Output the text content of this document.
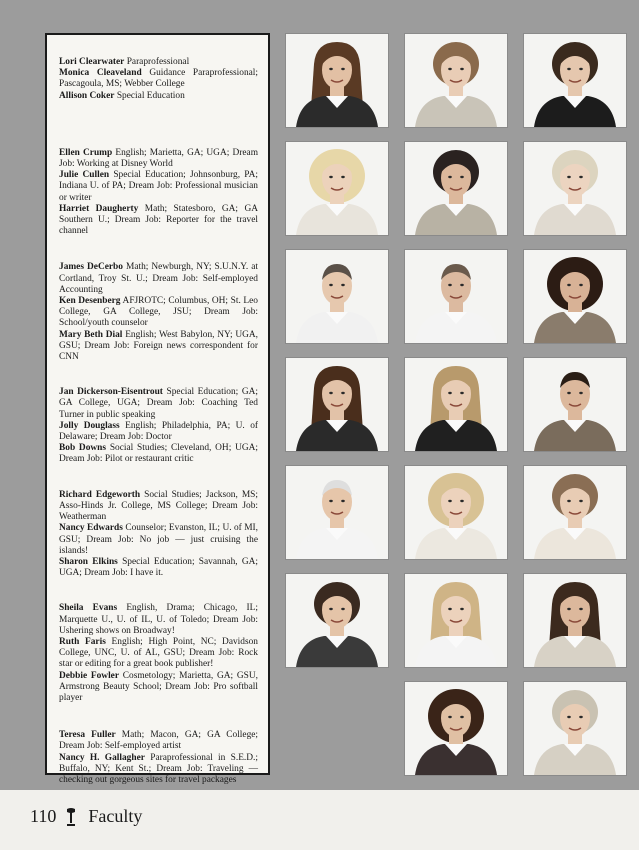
Lori Clearwater Paraprofessional

Monica Cleaveland Guidance Paraprofessional; Pascagoula, MS; Webber College

Allison Coker Special Education

Ellen Crump English; Marietta, GA; UGA; Dream Job: Working at Disney World

Julie Cullen Special Education; Johnsonburg, PA; Indiana U. of PA; Dream Job: Professional musician or writer

Harriet Daugherty Math; Statesboro, GA; GA Southern U.; Dream Job: Reporter for the travel channel

James DeCerbo Math; Newburgh, NY; S.U.N.Y. at Cortland, Troy St. U.; Dream Job: Self-employed Accounting

Ken Desenberg AFJROTC; Columbus, OH; St. Leo College, GA College, JSU; Dream Job: School/youth counselor

Mary Beth Dial English; West Babylon, NY; UGA, GSU; Dream Job: Foreign news correspondent for CNN

Jan Dickerson-Eisentrout Special Education; GA; GA College, UGA; Dream Job: Coaching Ted Turner in public speaking

Jolly Douglass English; Philadelphia, PA; U. of Delaware; Dream Job: Doctor

Bob Downs Social Studies; Cleveland, OH; UGA; Dream Job: Pilot or restaurant critic

Richard Edgeworth Social Studies; Jackson, MS; Asso-Hinds Jr. College, MS College; Dream Job: Weatherman

Nancy Edwards Counselor; Evanston, IL; U. of MI, GSU; Dream Job: No job — just cruising the islands!

Sharon Elkins Special Education; Savannah, GA; UGA; Dream Job: I have it.

Sheila Evans English, Drama; Chicago, IL; Marquette U., U. of IL, U. of Toledo; Dream Job: Ushering shows on Broadway!

Ruth Faris English; High Point, NC; Davidson College, UNC, U. of AL, GSU; Dream Job: Rock star or editing for a great book publisher!

Debbie Fowler Cosmetology; Marietta, GA; GSU, Armstrong Beauty School; Dream Job: Pro softball player

Teresa Fuller Math; Macon, GA; GA College; Dream Job: Self-employed artist

Nancy H. Gallagher Paraprofessional in S.E.D.; Buffalo, NY; Kent St.; Dream Job: Traveling — checking out gorgeous sites for travel packages

110 Faculty
